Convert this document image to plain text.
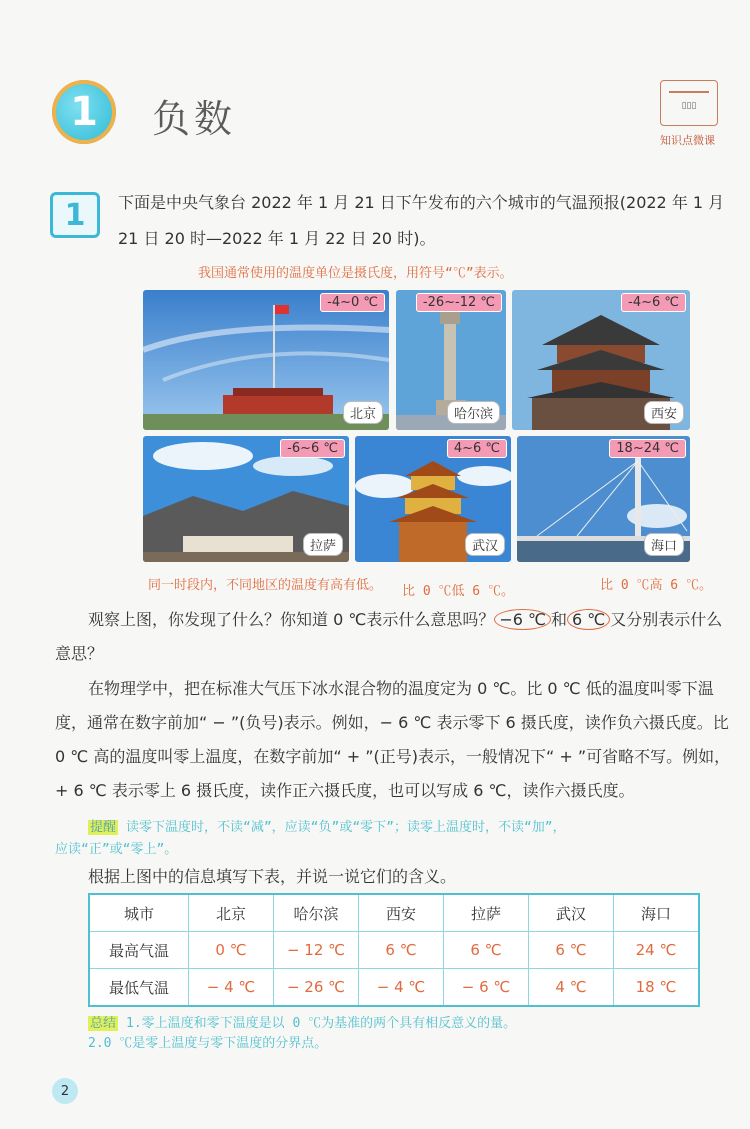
1 负数	▯▯▯
知识点微课
1 下面是中央气象台 2022 年 1 月 21 日下午发布的六个城市的气温预报(2022 年 1 月
21 日 20 时—2022 年 1 月 22 日 20 时)。
我国通常使用的温度单位是摄氏度，用符号“℃”表示。
-4~0 ℃
北京
-26~-12 ℃
哈尔滨
-4~6 ℃
西安
-6~6 ℃
拉萨
4~6 ℃
武汉
18~24 ℃
海口
同一时段内，不同地区的温度有高有低。 比 0 ℃低 6 ℃。	比 0 ℃高 6 ℃。
观察上图，你发现了什么？你知道 0 ℃表示什么意思吗？ −6 ℃ 和 6 ℃ 又分别表示什么
意思？
在物理学中，把在标准大气压下冰水混合物的温度定为 0 ℃。比 0 ℃ 低的温度叫零下温
度，通常在数字前加“ − ”(负号)表示。例如，− 6 ℃ 表示零下 6 摄氏度，读作负六摄氏度。比
0 ℃ 高的温度叫零上温度，在数字前加“ + ”(正号)表示，一般情况下“ + ”可省略不写。例如，
+ 6 ℃ 表示零上 6 摄氏度，读作正六摄氏度，也可以写成 6 ℃，读作六摄氏度。
提醒 读零下温度时，不读“减”，应读“负”或“零下”；读零上温度时，不读“加”，
应读“正”或“零上”。
根据上图中的信息填写下表，并说一说它们的含义。
城市	北京	哈尔滨	西安	拉萨	武汉	海口
最高气温	0 ℃	− 12 ℃	6 ℃	6 ℃	6 ℃	24 ℃
最低气温	− 4 ℃	− 26 ℃	− 4 ℃	− 6 ℃	4 ℃	18 ℃
总结 1.零上温度和零下温度是以 0 ℃为基准的两个具有相反意义的量。
2.0 ℃是零上温度与零下温度的分界点。
2
